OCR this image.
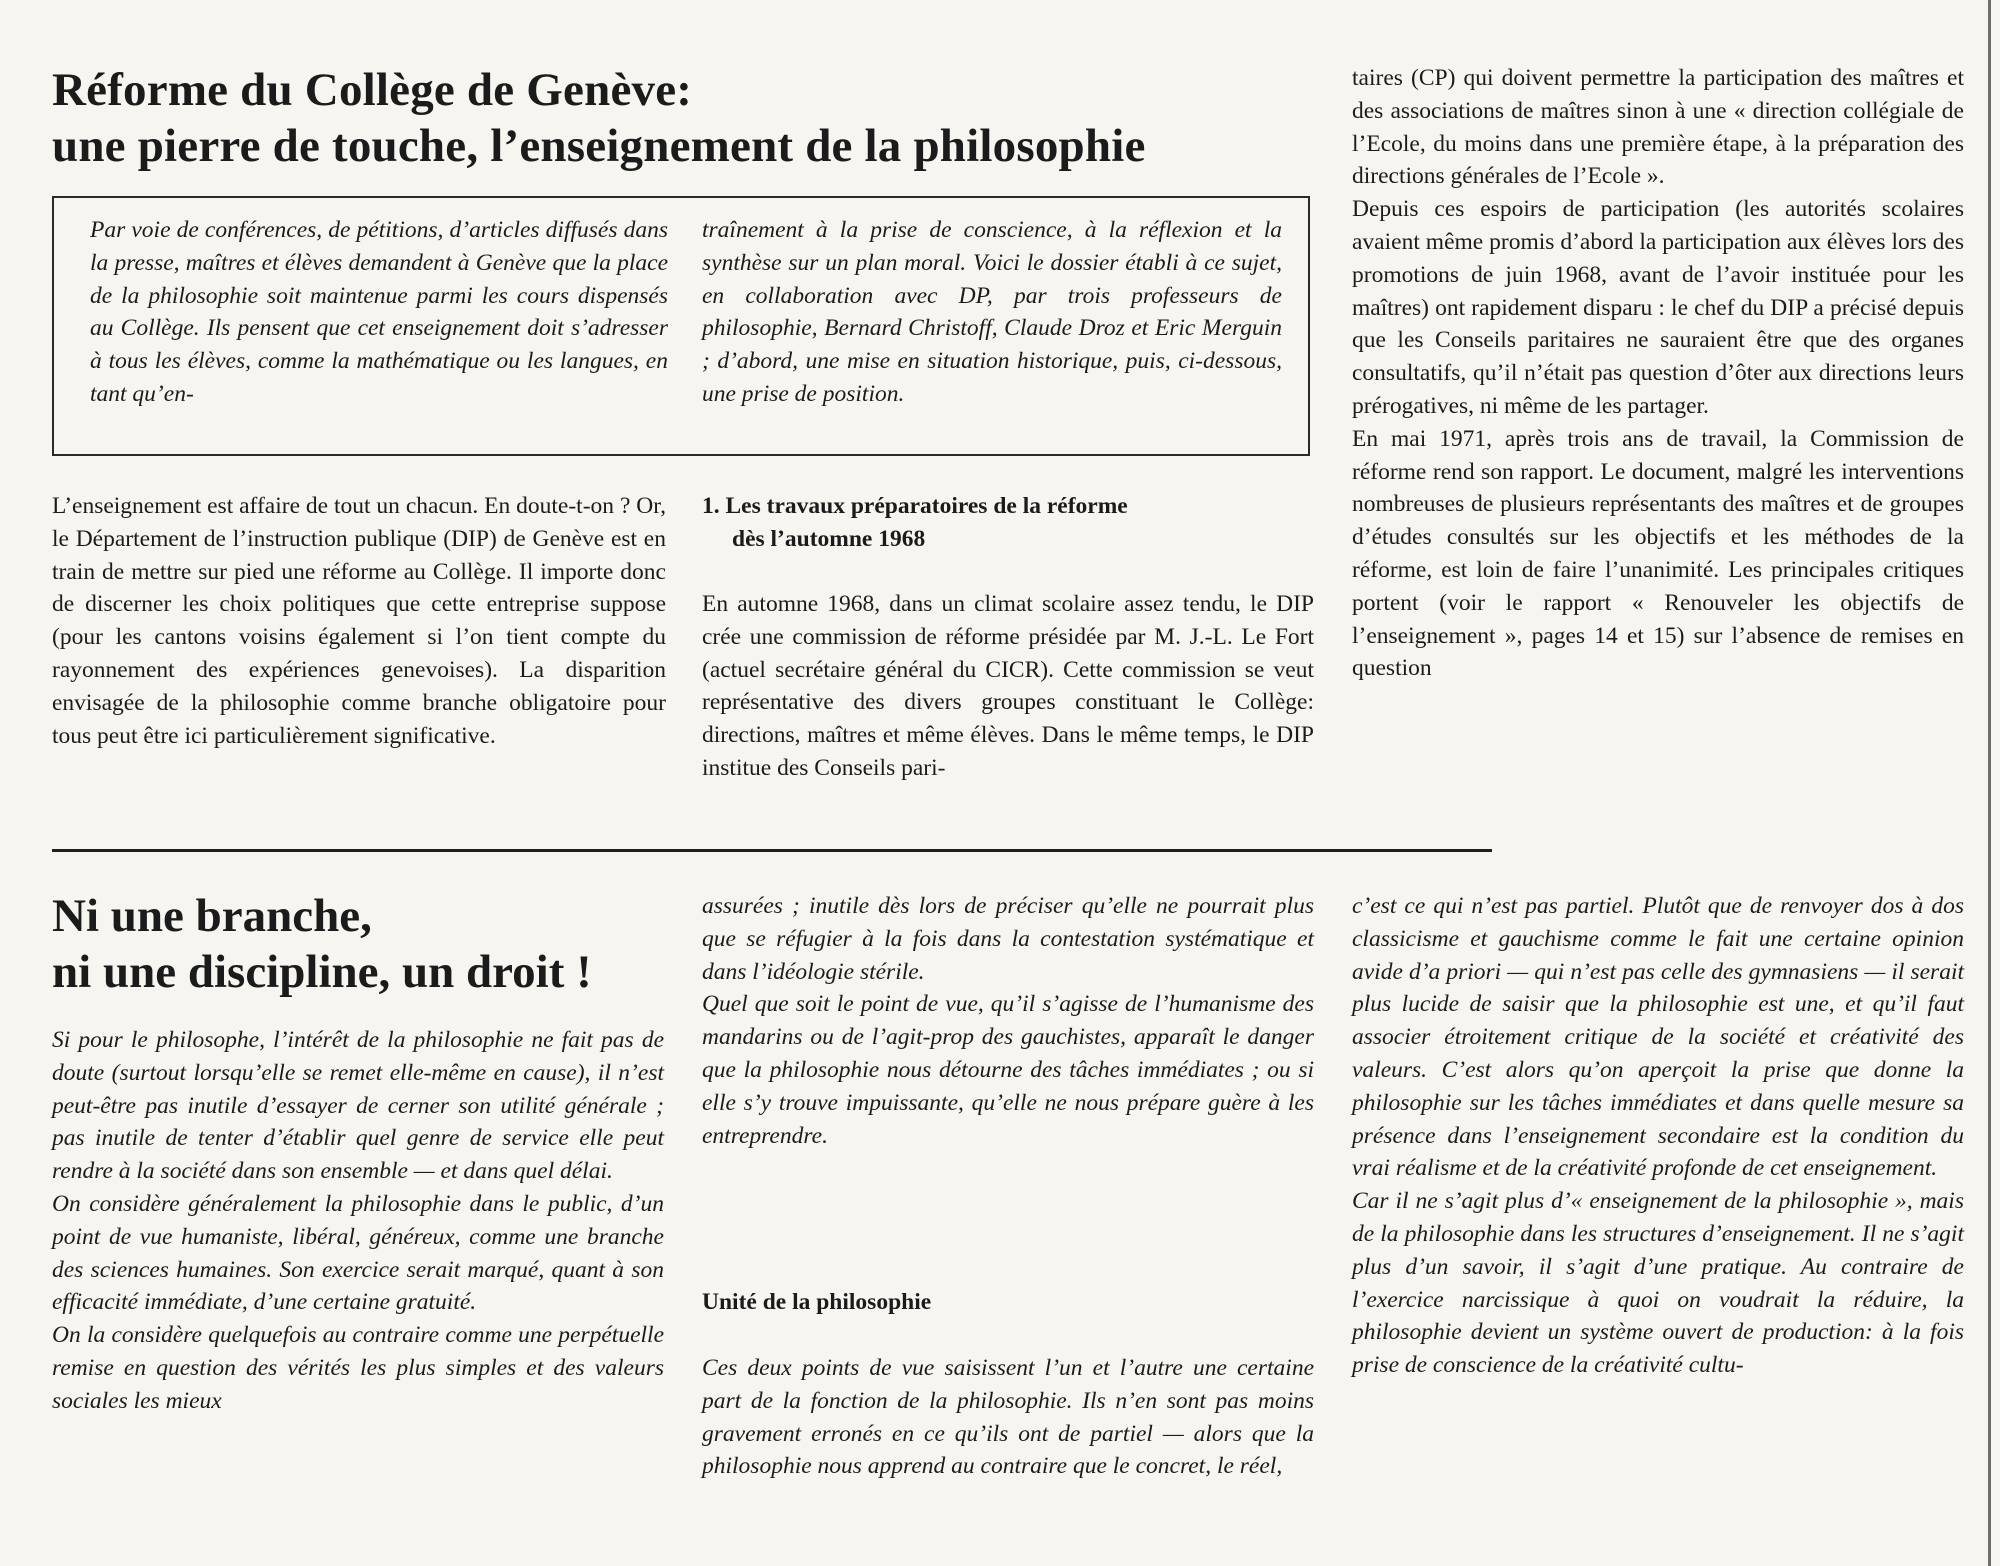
Réforme du Collège de Genève:
une pierre de touche, l’enseignement de la philosophie

Par voie de conférences, de pétitions, d’articles diffusés dans la presse, maîtres et élèves demandent à Genève que la place de la philosophie soit maintenue parmi les cours dispensés au Collège. Ils pensent que cet enseignement doit s’adresser à tous les élèves, comme la mathématique ou les langues, en tant qu’en-

traînement à la prise de conscience, à la réflexion et la synthèse sur un plan moral. Voici le dossier établi à ce sujet, en collaboration avec DP, par trois professeurs de philosophie, Bernard Christoff, Claude Droz et Eric Merguin ; d’abord, une mise en situation historique, puis, ci-dessous, une prise de position.

L’enseignement est affaire de tout un chacun. En doute-t-on ? Or, le Département de l’instruction publique (DIP) de Genève est en train de mettre sur pied une réforme au Collège. Il importe donc de discerner les choix politiques que cette entreprise suppose (pour les cantons voisins également si l’on tient compte du rayonnement des expériences genevoises). La disparition envisagée de la philosophie comme branche obligatoire pour tous peut être ici particulièrement significative.

1. Les travaux préparatoires de la réforme
dès l’automne 1968

En automne 1968, dans un climat scolaire assez tendu, le DIP crée une commission de réforme présidée par M. J.-L. Le Fort (actuel secrétaire général du CICR). Cette commission se veut représentative des divers groupes constituant le Collège: directions, maîtres et même élèves. Dans le même temps, le DIP institue des Conseils pari-

taires (CP) qui doivent permettre la participation des maîtres et des associations de maîtres sinon à une « direction collégiale de l’Ecole, du moins dans une première étape, à la préparation des directions générales de l’Ecole ».

Depuis ces espoirs de participation (les autorités scolaires avaient même promis d’abord la participation aux élèves lors des promotions de juin 1968, avant de l’avoir instituée pour les maîtres) ont rapidement disparu : le chef du DIP a précisé depuis que les Conseils paritaires ne sauraient être que des organes consultatifs, qu’il n’était pas question d’ôter aux directions leurs prérogatives, ni même de les partager.

En mai 1971, après trois ans de travail, la Commission de réforme rend son rapport. Le document, malgré les interventions nombreuses de plusieurs représentants des maîtres et de groupes d’études consultés sur les objectifs et les méthodes de la réforme, est loin de faire l’unanimité. Les principales critiques portent (voir le rapport « Renouveler les objectifs de l’enseignement », pages 14 et 15) sur l’absence de remises en question

Ni une branche,
ni une discipline, un droit !

Si pour le philosophe, l’intérêt de la philosophie ne fait pas de doute (surtout lorsqu’elle se remet elle-même en cause), il n’est peut-être pas inutile d’essayer de cerner son utilité générale ; pas inutile de tenter d’établir quel genre de service elle peut rendre à la société dans son ensemble — et dans quel délai.

On considère généralement la philosophie dans le public, d’un point de vue humaniste, libéral, généreux, comme une branche des sciences humaines. Son exercice serait marqué, quant à son efficacité immédiate, d’une certaine gratuité.

On la considère quelquefois au contraire comme une perpétuelle remise en question des vérités les plus simples et des valeurs sociales les mieux

assurées ; inutile dès lors de préciser qu’elle ne pourrait plus que se réfugier à la fois dans la contestation systématique et dans l’idéologie stérile.

Quel que soit le point de vue, qu’il s’agisse de l’humanisme des mandarins ou de l’agit-prop des gauchistes, apparaît le danger que la philosophie nous détourne des tâches immédiates ; ou si elle s’y trouve impuissante, qu’elle ne nous prépare guère à les entreprendre.

Unité de la philosophie

Ces deux points de vue saisissent l’un et l’autre une certaine part de la fonction de la philosophie. Ils n’en sont pas moins gravement erronés en ce qu’ils ont de partiel — alors que la philosophie nous apprend au contraire que le concret, le réel,

c’est ce qui n’est pas partiel. Plutôt que de renvoyer dos à dos classicisme et gauchisme comme le fait une certaine opinion avide d’a priori — qui n’est pas celle des gymnasiens — il serait plus lucide de saisir que la philosophie est une, et qu’il faut associer étroitement critique de la société et créativité des valeurs. C’est alors qu’on aperçoit la prise que donne la philosophie sur les tâches immédiates et dans quelle mesure sa présence dans l’enseignement secondaire est la condition du vrai réalisme et de la créativité profonde de cet enseignement.

Car il ne s’agit plus d’« enseignement de la philosophie », mais de la philosophie dans les structures d’enseignement. Il ne s’agit plus d’un savoir, il s’agit d’une pratique. Au contraire de l’exercice narcissique à quoi on voudrait la réduire, la philosophie devient un système ouvert de production: à la fois prise de conscience de la créativité cultu-
